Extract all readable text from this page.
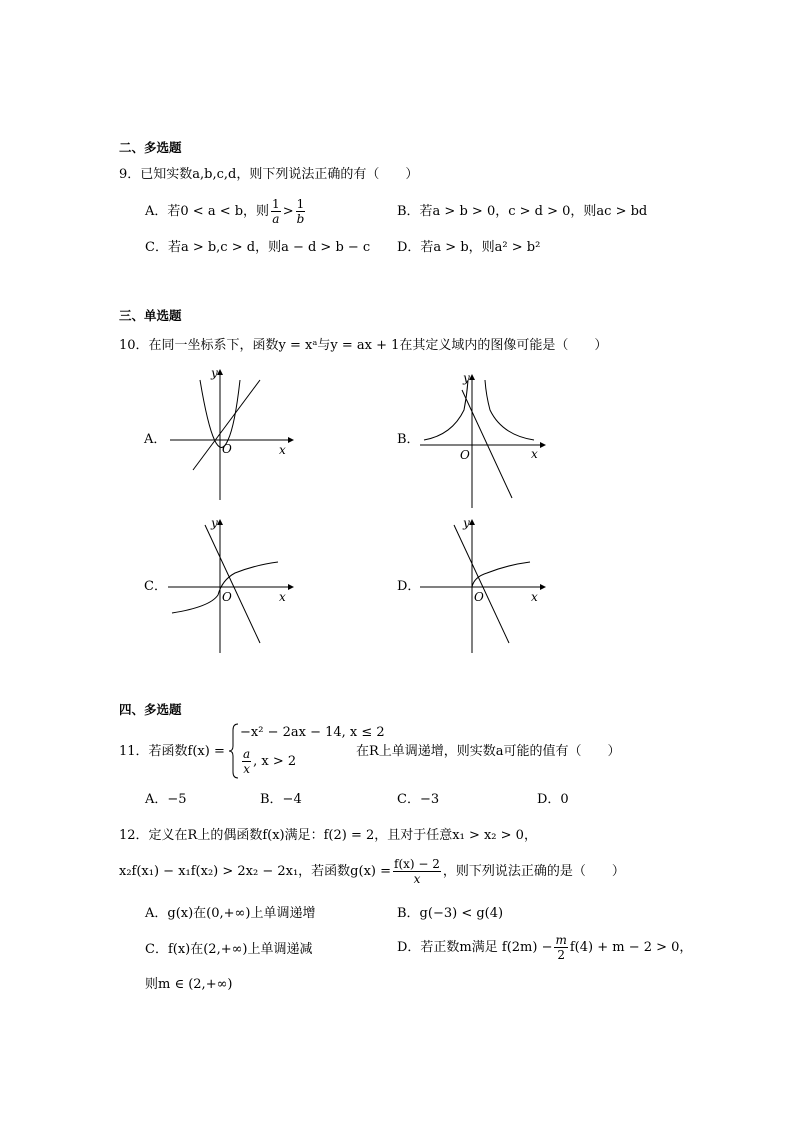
二、多选题
9．已知实数a,b,c,d，则下列说法正确的有（　　）
A．若0 < a < b，则 $\frac{1}{a} > \frac{1}{b}$	B．若a > b > 0，c > d > 0，则ac > bd
C．若a > b,c > d，则a − d > b − c D．若a > b，则a² > b²
三、单选题
10．在同一坐标系下，函数y = xᵃ与y = ax + 1在其定义域内的图像可能是（　　）
A．	B．
C．	D．
y
x
O
y
x
O
y
x
O
y
x
O
四、多选题
11．若函数f(x) =
−x² − 2ax − 14, x ≤ 2
$\frac{a}{x}$ , x > 2
在R上单调递增，则实数a可能的值有（　　）
A．−5	B．−4	C．−3	D．0
12．定义在R上的偶函数f(x)满足：f(2) = 2，且对于任意x₁ > x₂ > 0，
x₂f(x₁) − x₁f(x₂) > 2x₂ − 2x₁，若函数$g(x) = \frac{f(x) - 2}{x}$ ，则下列说法正确的是（　　）
A．g(x)在(0,+∞)上单调递增	B．g(−3) < g(4)
C．f(x)在(2,+∞)上单调递减	D．若正数m满足 $f(2m) - \frac{m}{2} f(4) + m - 2 > 0$，
则m ∈ (2,+∞)
